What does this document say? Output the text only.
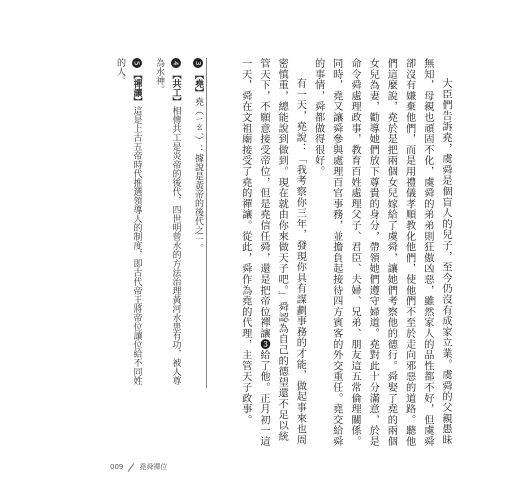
大臣們告訴堯，虞舜是個盲人的兒子，至今仍沒有成家立業。虞舜的父親愚昧無知，母親也頑固不化，虞舜的弟弟則狂傲凶惡，雖然家人的品性都不好，但虞舜卻沒有嫌棄他們，而是用禮儀孝順教化他們，使他們不至於走向邪惡的道路。聽他們這麼說，堯於是把兩個女兒嫁給了虞舜，讓她們考察他的德行。舜娶了堯的兩個女兒為妻，勸導她們放下尊貴的身分，帶領她們遵守婦道。堯對此十分滿意，於是命令舜處理政事，教育百姓處理父子、君臣、夫婦、兄弟、朋友這五常倫理關係。同時，堯又讓舜參與處理百官事務，並擔負起接待四方賓客的外交重任。堯交給舜的事情，舜都做得很好。

有一天，堯說：「我考察你三年，發現你具有謀劃事務的才能，做起事來也周密慎重，總能說到做到。現在就由你來做天子吧。」舜認為自己的德望還不足以統管天下，不願意接受帝位，但是堯信任舜，還是把帝位禪讓❸給了他。正月初一這一天，舜在文祖廟接受了堯的禪讓。從此，舜作為堯的代理，主管天子政事。

3【堯】堯（ㄧㄠˊ）：據說是黃帝的後代之一。

4【共工】相傳共工是炎帝的後代，四世明曾水的方法治理黃河水患有功，被人尊為水神。

5【禪讓】這是上古五帝時代推選領導人的制度，即古代帝王將帝位讓位給不同姓的人。

009 堯舜禪位
